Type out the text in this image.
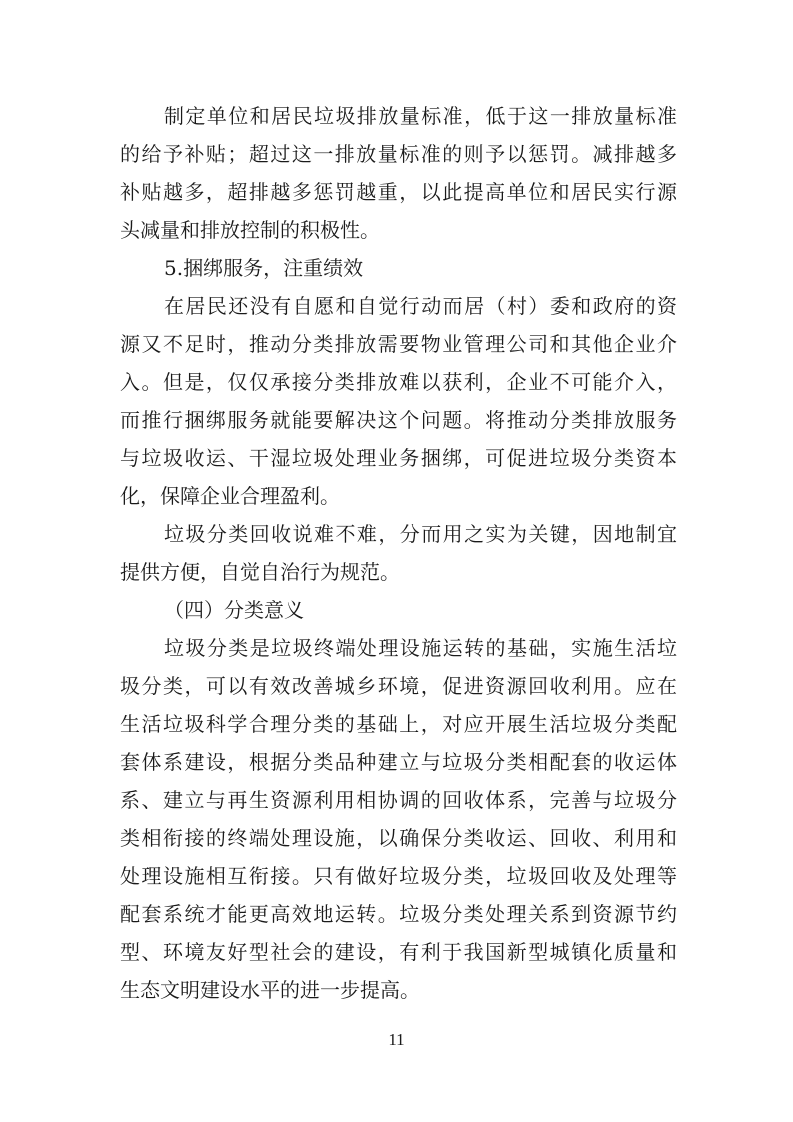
制定单位和居民垃圾排放量标准，低于这一排放量标准
的给予补贴；超过这一排放量标准的则予以惩罚。减排越多
补贴越多，超排越多惩罚越重，以此提高单位和居民实行源
头减量和排放控制的积极性。
5.捆绑服务，注重绩效
在居民还没有自愿和自觉行动而居（村）委和政府的资
源又不足时，推动分类排放需要物业管理公司和其他企业介
入。但是，仅仅承接分类排放难以获利，企业不可能介入，
而推行捆绑服务就能要解决这个问题。将推动分类排放服务
与垃圾收运、干湿垃圾处理业务捆绑，可促进垃圾分类资本
化，保障企业合理盈利。
垃圾分类回收说难不难，分而用之实为关键，因地制宜
提供方便，自觉自治行为规范。
（四）分类意义
垃圾分类是垃圾终端处理设施运转的基础，实施生活垃
圾分类，可以有效改善城乡环境，促进资源回收利用。应在
生活垃圾科学合理分类的基础上，对应开展生活垃圾分类配
套体系建设，根据分类品种建立与垃圾分类相配套的收运体
系、建立与再生资源利用相协调的回收体系，完善与垃圾分
类相衔接的终端处理设施，以确保分类收运、回收、利用和
处理设施相互衔接。只有做好垃圾分类，垃圾回收及处理等
配套系统才能更高效地运转。垃圾分类处理关系到资源节约
型、环境友好型社会的建设，有利于我国新型城镇化质量和
生态文明建设水平的进一步提高。
11
